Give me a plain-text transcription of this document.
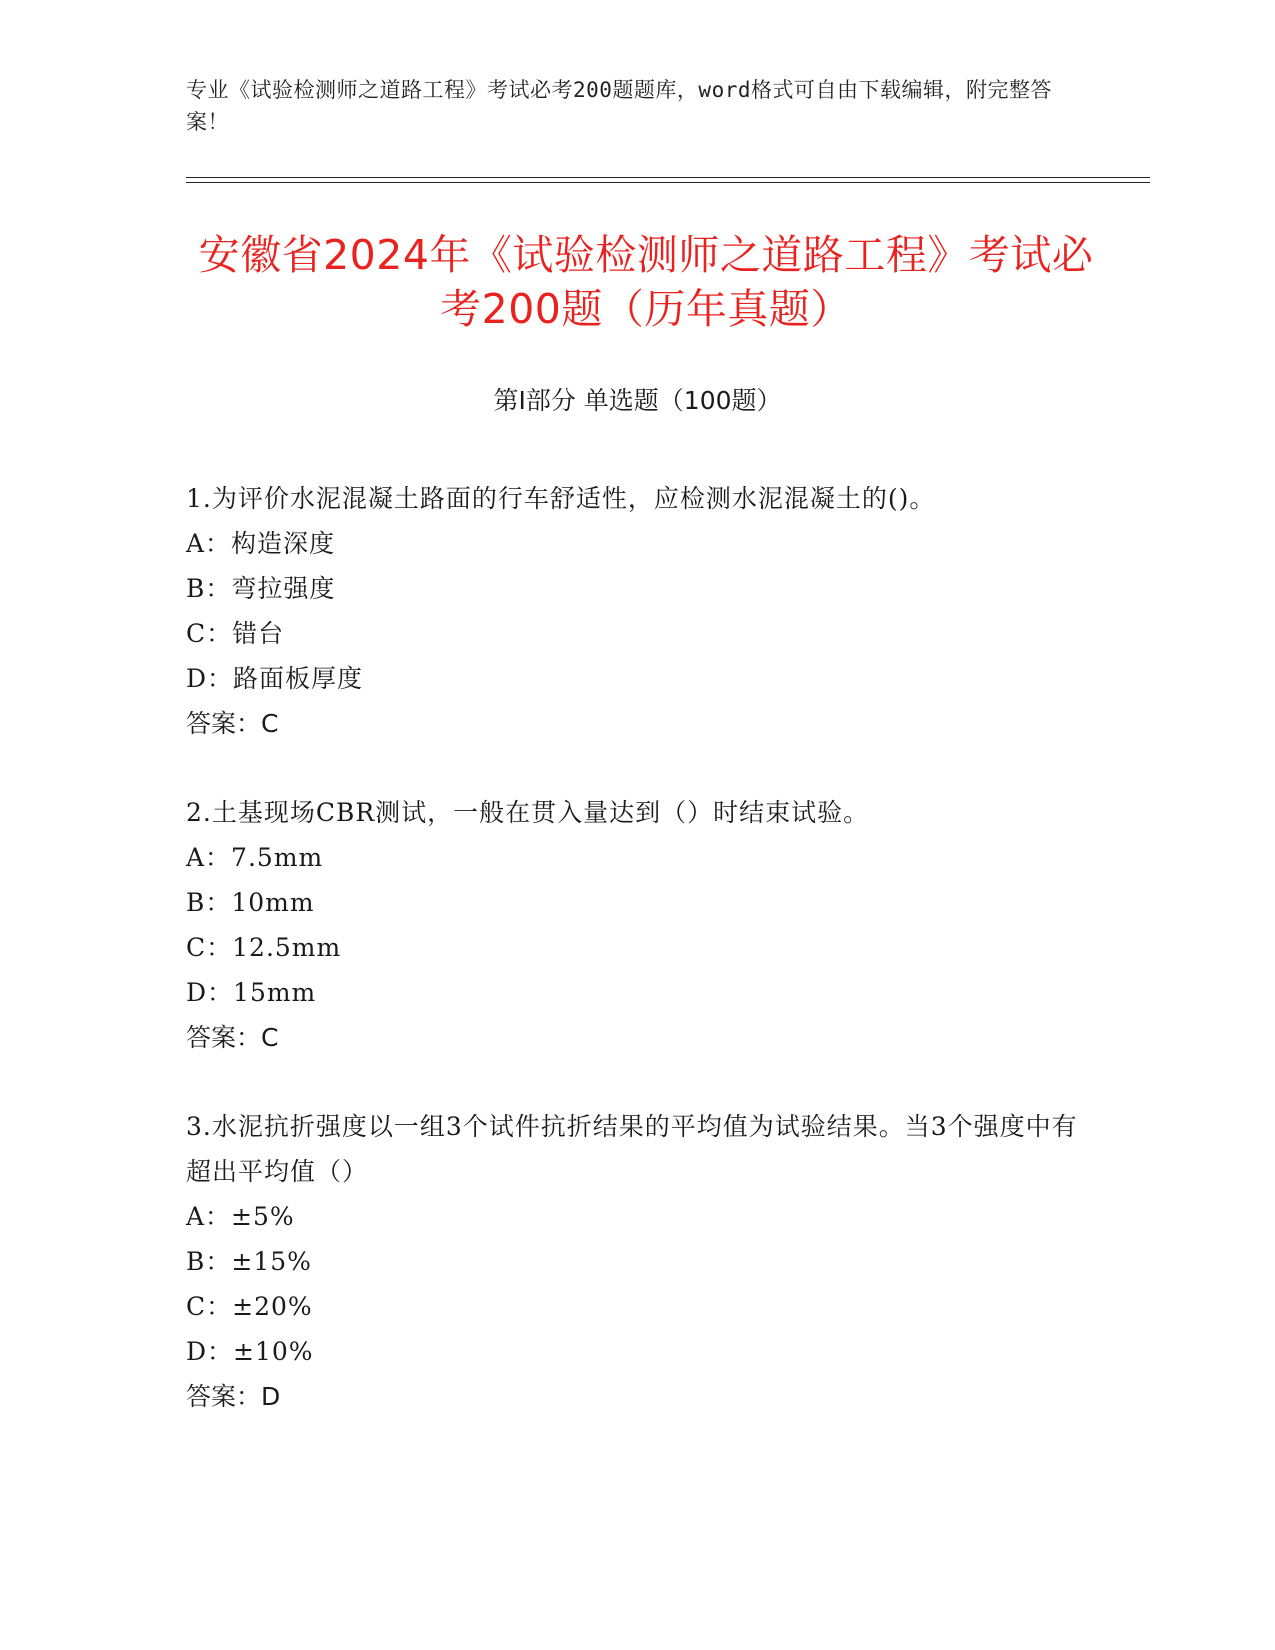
专业《试验检测师之道路工程》考试必考200题题库，word格式可自由下载编辑，附完整答案！
安徽省2024年《试验检测师之道路工程》考试必考200题（历年真题）
第I部分 单选题（100题）
1.为评价水泥混凝土路面的行车舒适性，应检测水泥混凝土的()。
A：构造深度
B：弯拉强度
C：错台
D：路面板厚度
答案：C
2.土基现场CBR测试，一般在贯入量达到（）时结束试验。
A：7.5mm
B：10mm
C：12.5mm
D：15mm
答案：C
3.水泥抗折强度以一组3个试件抗折结果的平均值为试验结果。当3个强度中有超出平均值（）
A：±5%
B：±15%
C：±20%
D：±10%
答案：D
